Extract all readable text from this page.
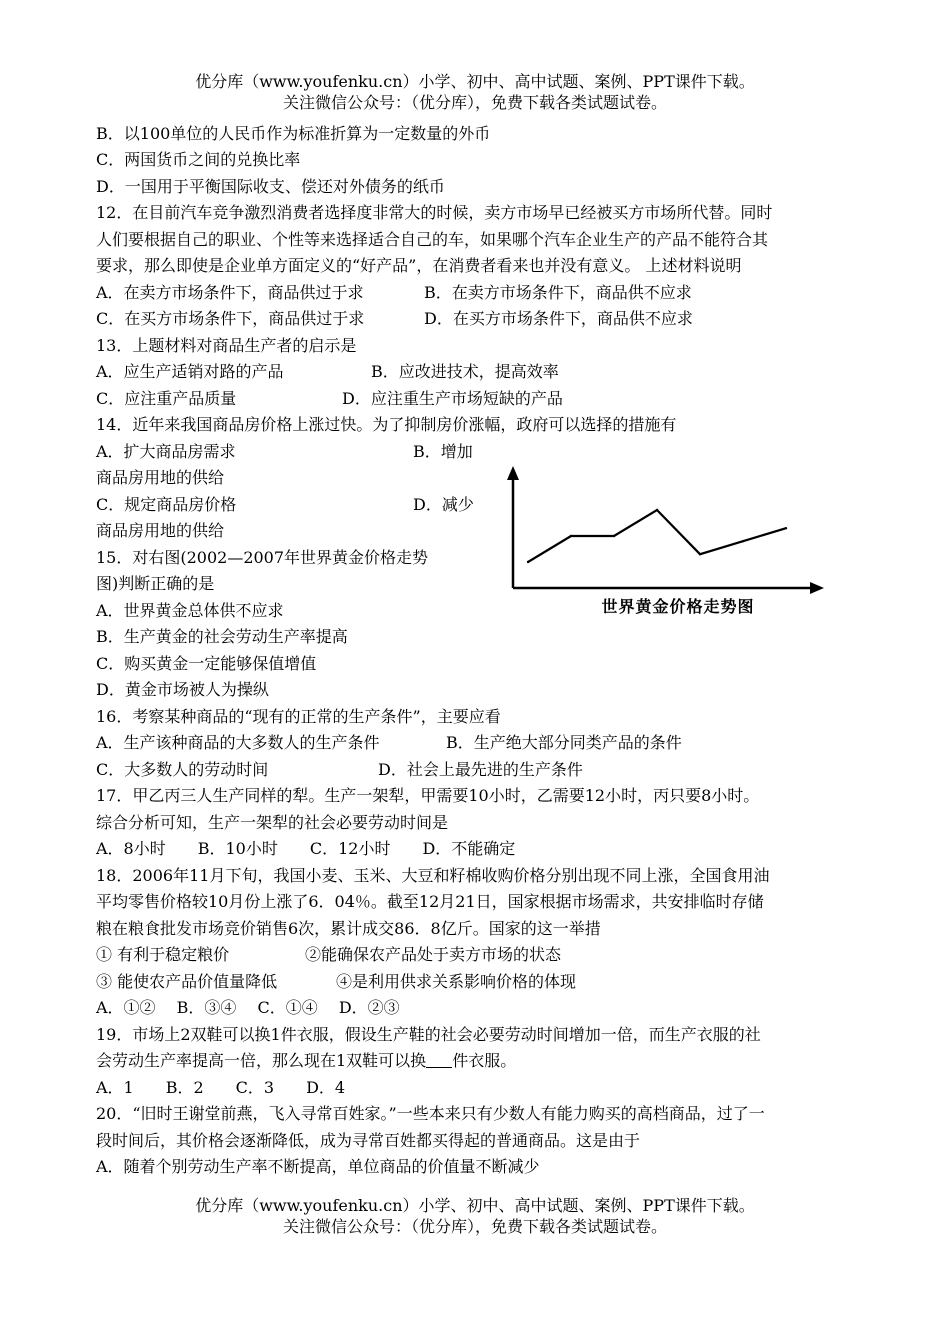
优分库（www.youfenku.cn）小学、初中、高中试题、案例、PPT课件下载。
关注微信公众号：（优分库），免费下载各类试题试卷。
B．以100单位的人民币作为标准折算为一定数量的外币
C．两国货币之间的兑换比率
D．一国用于平衡国际收支、偿还对外债务的纸币
12．在目前汽车竞争激烈消费者选择度非常大的时候，卖方市场早已经被买方市场所代替。同时
人们要根据自己的职业、个性等来选择适合自己的车，如果哪个汽车企业生产的产品不能符合其
要求，那么即使是企业单方面定义的“好产品”，在消费者看来也并没有意义。 上述材料说明
A．在卖方市场条件下，商品供过于求	B．在卖方市场条件下，商品供不应求
C．在买方市场条件下，商品供过于求	D．在买方市场条件下，商品供不应求
13．上题材料对商品生产者的启示是
A．应生产适销对路的产品	B．应改进技术，提高效率
C．应注重产品质量	D．应注重生产市场短缺的产品
14．近年来我国商品房价格上涨过快。为了抑制房价涨幅，政府可以选择的措施有
A．扩大商品房需求	B．增加
商品房用地的供给
C．规定商品房价格	D．减少
商品房用地的供给
15．对右图(2002—2007年世界黄金价格走势
图)判断正确的是
A．世界黄金总体供不应求
B．生产黄金的社会劳动生产率提高
C．购买黄金一定能够保值增值
D．黄金市场被人为操纵
世界黄金价格走势图
16．考察某种商品的“现有的正常的生产条件”，主要应看
A．生产该种商品的大多数人的生产条件	B．生产绝大部分同类产品的条件
C．大多数人的劳动时间	D．社会上最先进的生产条件
17．甲乙丙三人生产同样的犁。生产一架犁，甲需要10小时，乙需要12小时，丙只要8小时。
综合分析可知，生产一架犁的社会必要劳动时间是
A．8小时　　B．10小时　　C．12小时　　D．不能确定
18．2006年11月下旬，我国小麦、玉米、大豆和籽棉收购价格分别出现不同上涨，全国食用油
平均零售价格较10月份上涨了6．04％。截至12月21日，国家根据市场需求，共安排临时存储
粮在粮食批发市场竞价销售6次，累计成交86．8亿斤。国家的这一举措
① 有利于稳定粮价	②能确保农产品处于卖方市场的状态
③ 能使农产品价值量降低	④是利用供求关系影响价格的体现
A．①②　 B．③④　 C．①④　 D．②③
19．市场上2双鞋可以换1件衣服，假设生产鞋的社会必要劳动时间增加一倍，而生产衣服的社
会劳动生产率提高一倍，那么现在1双鞋可以换 件衣服。
A．1　　B．2　　C．3　　D．4
20．“旧时王谢堂前燕，飞入寻常百姓家。”一些本来只有少数人有能力购买的高档商品，过了一
段时间后，其价格会逐渐降低，成为寻常百姓都买得起的普通商品。这是由于
A．随着个别劳动生产率不断提高，单位商品的价值量不断减少
优分库（www.youfenku.cn）小学、初中、高中试题、案例、PPT课件下载。
关注微信公众号：（优分库），免费下载各类试题试卷。
